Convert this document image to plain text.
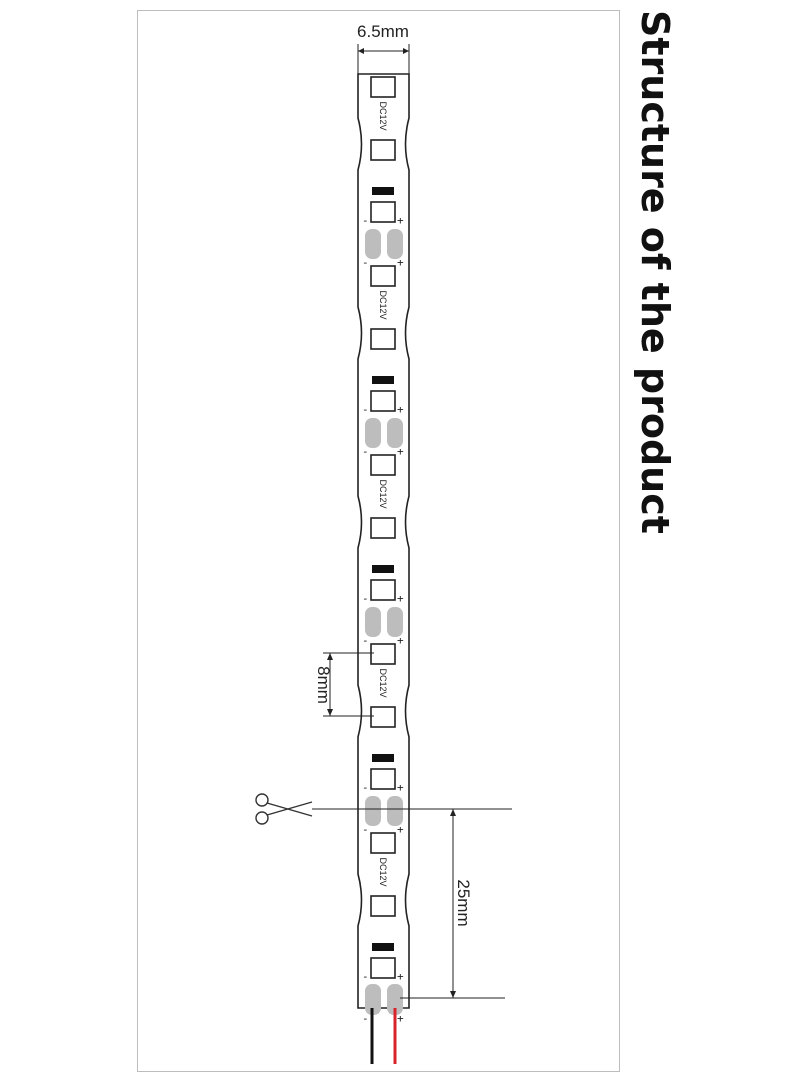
Structure of the product
DC12V
-	+
-	+
DC12V
-	+
-	+
DC12V
-	+
-	+
DC12V
-	+
-	+
DC12V
-	+
-	+
6.5mm
8mm
25mm
